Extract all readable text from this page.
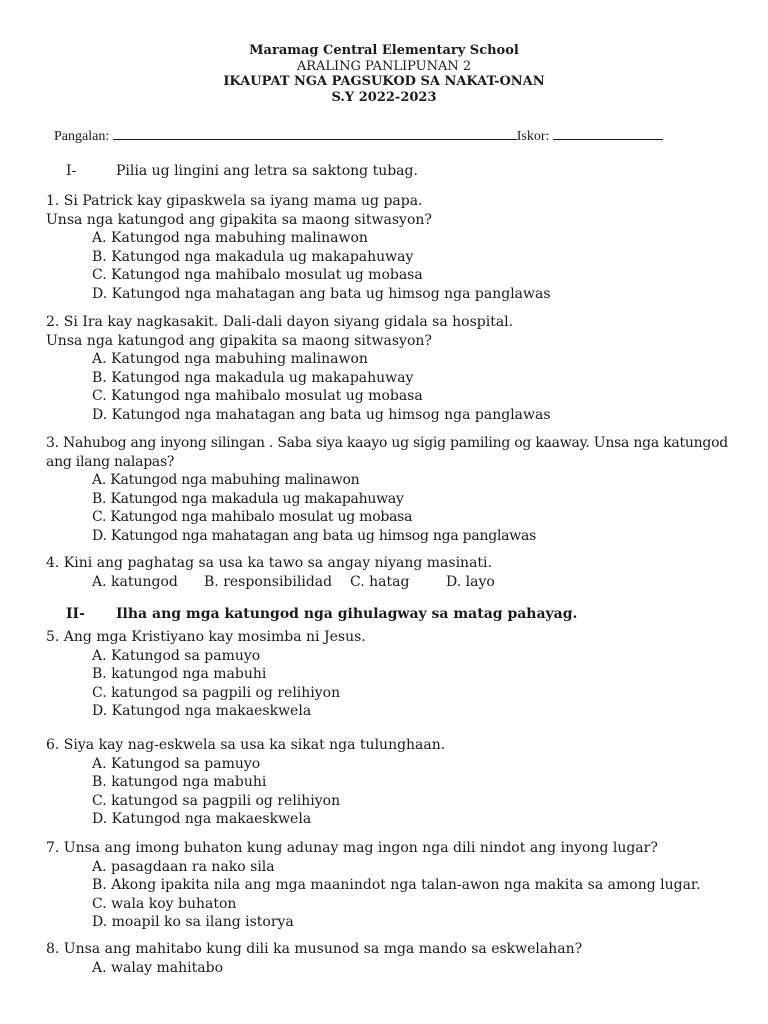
Maramag Central Elementary School
ARALING PANLIPUNAN 2
IKAUPAT NGA PAGSUKOD SA NAKAT-ONAN
S.Y 2022-2023
Pangalan:	Iskor:
I-	Pilia ug lingini ang letra sa saktong tubag.
1. Si Patrick kay gipaskwela sa iyang mama ug papa.
Unsa nga katungod ang gipakita sa maong sitwasyon?
A. Katungod nga mabuhing malinawon
B. Katungod nga makadula ug makapahuway
C. Katungod nga mahibalo mosulat ug mobasa
D. Katungod nga mahatagan ang bata ug himsog nga panglawas
2. Si Ira kay nagkasakit. Dali-dali dayon siyang gidala sa hospital.
Unsa nga katungod ang gipakita sa maong sitwasyon?
A. Katungod nga mabuhing malinawon
B. Katungod nga makadula ug makapahuway
C. Katungod nga mahibalo mosulat ug mobasa
D. Katungod nga mahatagan ang bata ug himsog nga panglawas
3. Nahubog ang inyong silingan . Saba siya kaayo ug sigig pamiling og kaaway. Unsa nga katungod
ang ilang nalapas?
A. Katungod nga mabuhing malinawon
B. Katungod nga makadula ug makapahuway
C. Katungod nga mahibalo mosulat ug mobasa
D. Katungod nga mahatagan ang bata ug himsog nga panglawas
4. Kini ang paghatag sa usa ka tawo sa angay niyang masinati.
A. katungod B. responsibilidad C. hatag	D. layo
II- Ilha ang mga katungod nga gihulagway sa matag pahayag.
5. Ang mga Kristiyano kay mosimba ni Jesus.
A. Katungod sa pamuyo
B. katungod nga mabuhi
C. katungod sa pagpili og relihiyon
D. Katungod nga makaeskwela
6. Siya kay nag-eskwela sa usa ka sikat nga tulunghaan.
A. Katungod sa pamuyo
B. katungod nga mabuhi
C. katungod sa pagpili og relihiyon
D. Katungod nga makaeskwela
7. Unsa ang imong buhaton kung adunay mag ingon nga dili nindot ang inyong lugar?
A. pasagdaan ra nako sila
B. Akong ipakita nila ang mga maanindot nga talan-awon nga makita sa among lugar.
C. wala koy buhaton
D. moapil ko sa ilang istorya
8. Unsa ang mahitabo kung dili ka musunod sa mga mando sa eskwelahan?
A. walay mahitabo
